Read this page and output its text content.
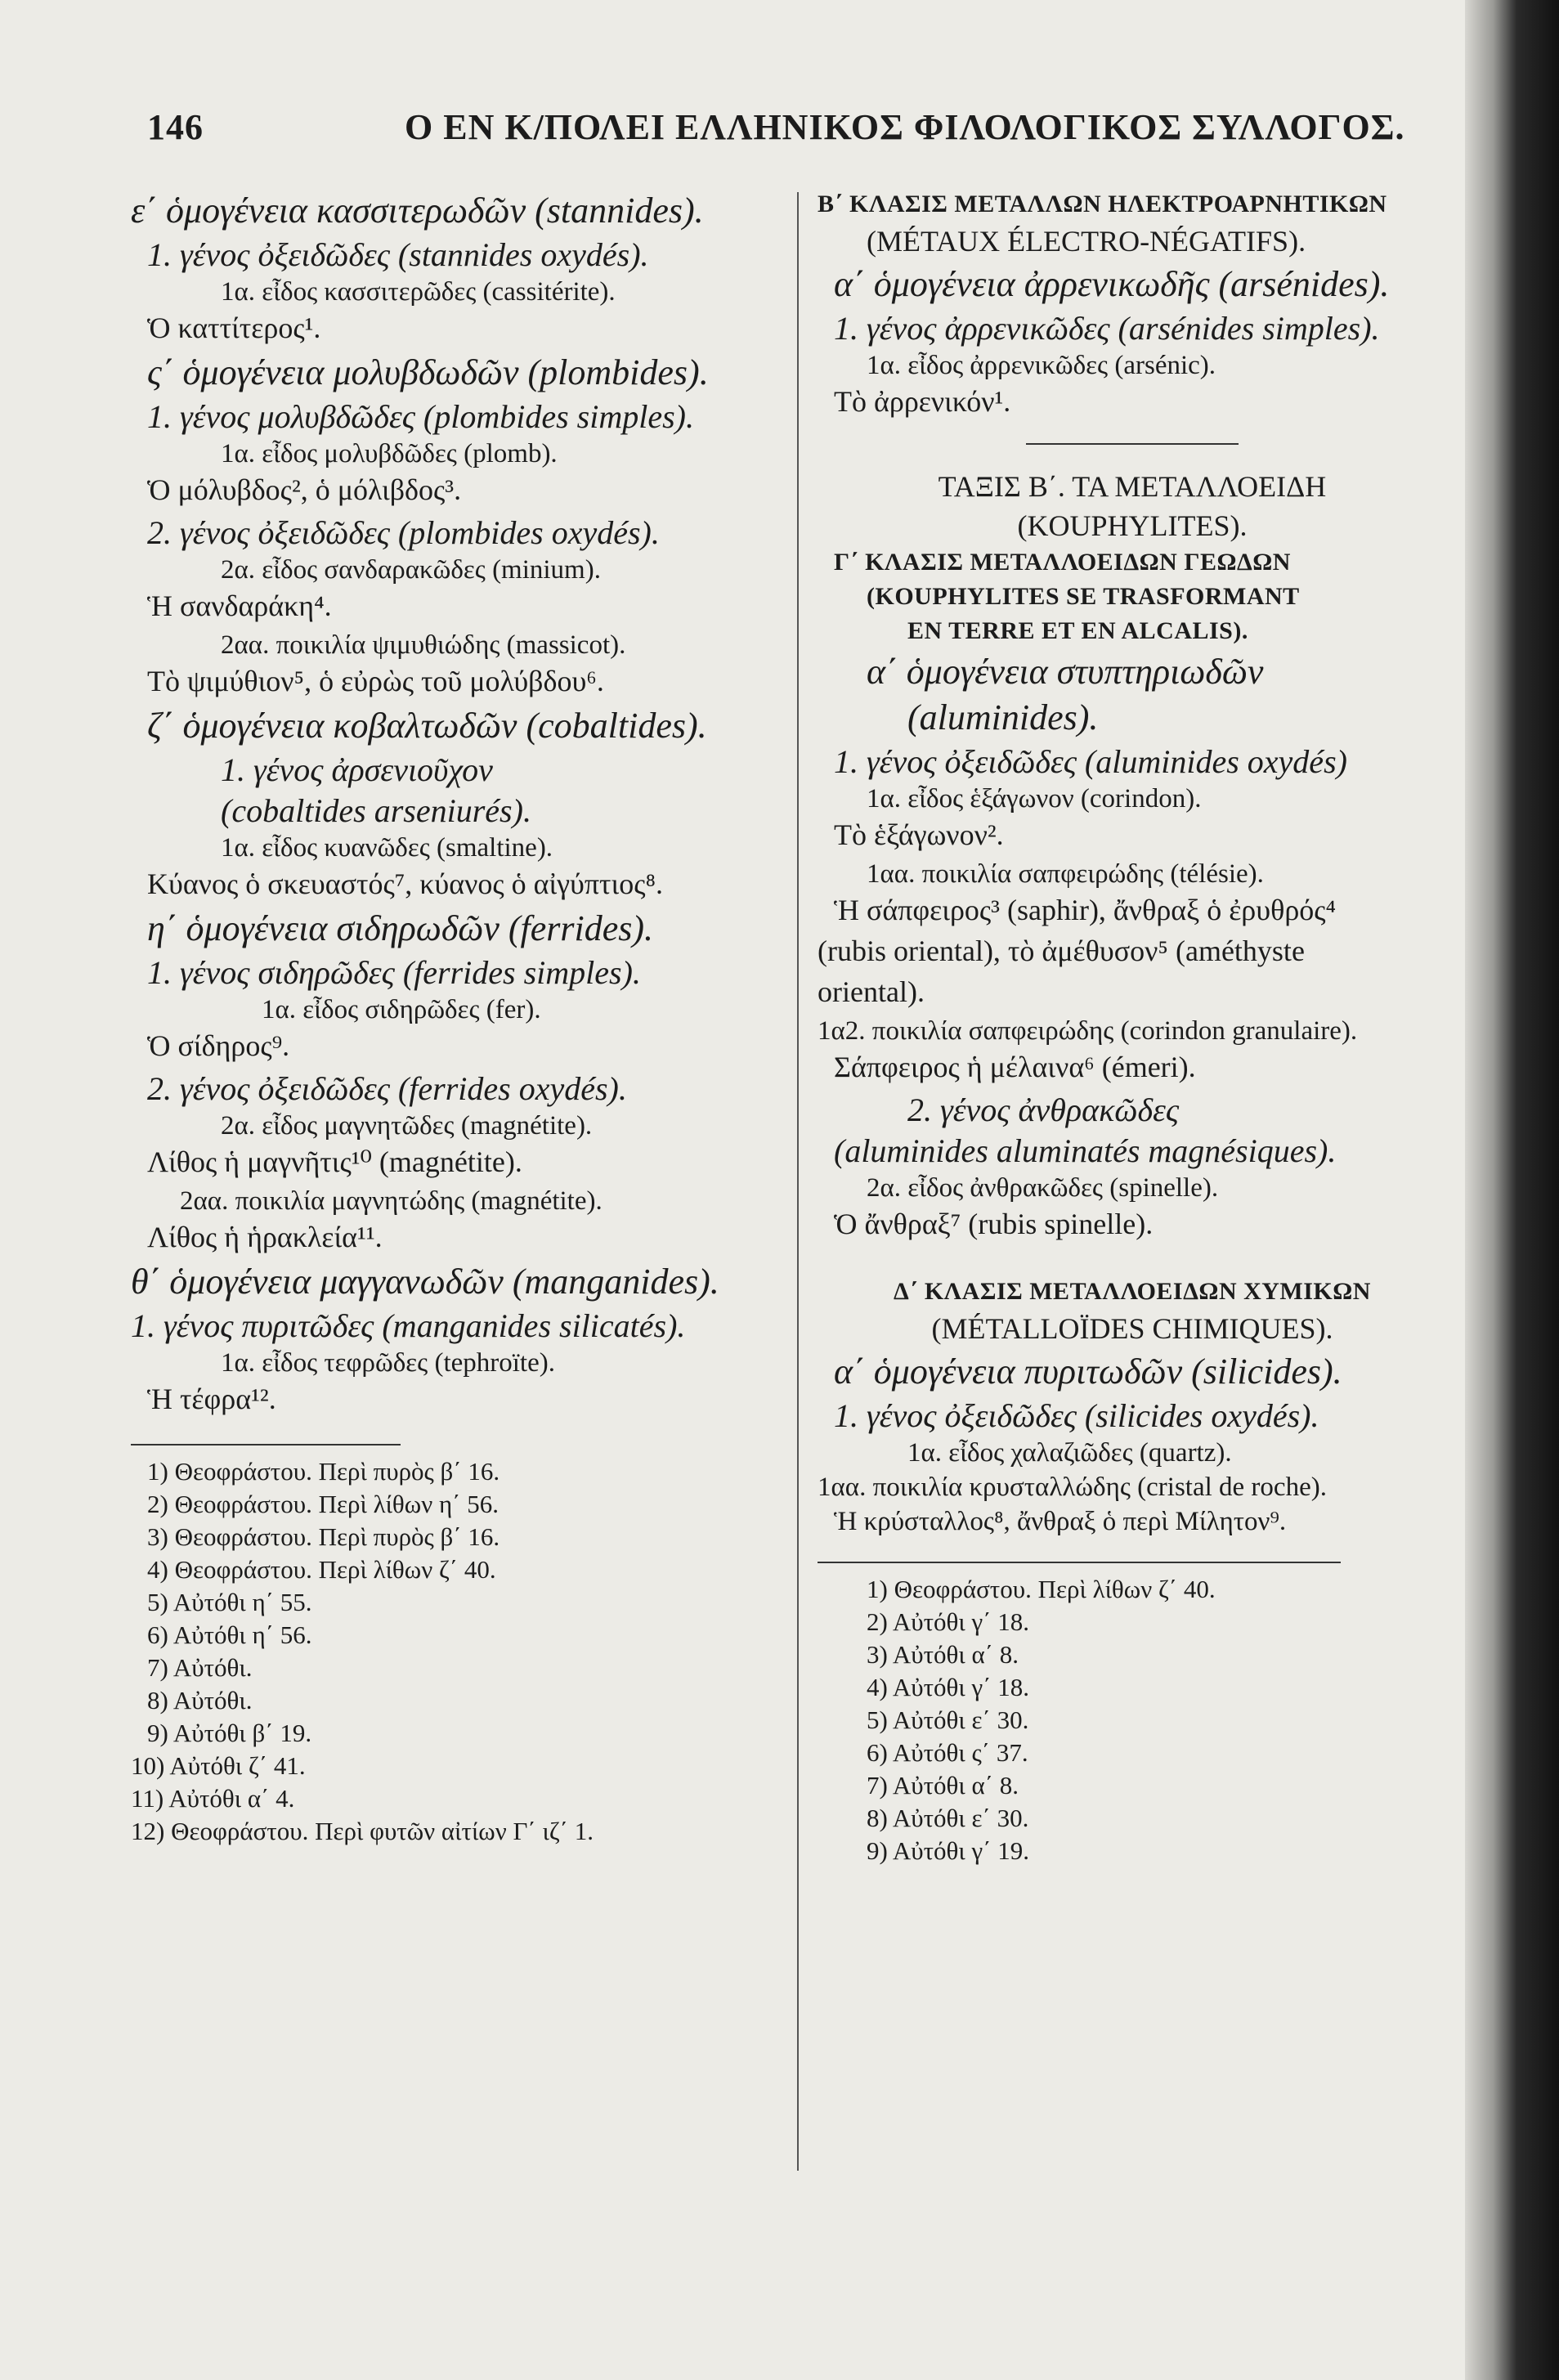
146	Ο ΕΝ Κ/ΠΟΛΕΙ ΕΛΛΗΝΙΚΟΣ ΦΙΛΟΛΟΓΙΚΟΣ ΣΥΛΛΟΓΟΣ.
ε΄ ὁμογένεια κασσιτερωδῶν (stannides).
1. γένος ὀξειδῶδες (stannides oxydés).
1α. εἶδος κασσιτερῶδες (cassitérite).
Ὁ καττίτερος¹.
ς΄ ὁμογένεια μολυβδωδῶν (plombides).
1. γένος μολυβδῶδες (plombides simples).
1α. εἶδος μολυβδῶδες (plomb).
Ὁ μόλυβδος², ὁ μόλιβδος³.
2. γένος ὀξειδῶδες (plombides oxydés).
2α. εἶδος σανδαρακῶδες (minium).
Ἡ σανδαράκη⁴.
2αα. ποικιλία ψιμυθιώδης (massicot).
Τὸ ψιμύθιον⁵, ὁ εὐρὼς τοῦ μολύβδου⁶.
ζ΄ ὁμογένεια κοβαλτωδῶν (cobaltides).
1. γένος ἀρσενιοῦχον
(cobaltides arseniurés).
1α. εἶδος κυανῶδες (smaltine).
Κύανος ὁ σκευαστός⁷, κύανος ὁ αἰγύπτιος⁸.
η΄ ὁμογένεια σιδηρωδῶν (ferrides).
1. γένος σιδηρῶδες (ferrides simples).
1α. εἶδος σιδηρῶδες (fer).
Ὁ σίδηρος⁹.
2. γένος ὀξειδῶδες (ferrides oxydés).
2α. εἶδος μαγνητῶδες (magnétite).
Λίθος ἡ μαγνῆτις¹⁰ (magnétite).
2αα. ποικιλία μαγνητώδης (magnétite).
Λίθος ἡ ἡρακλεία¹¹.
θ΄ ὁμογένεια μαγγανωδῶν (manganides).
1. γένος πυριτῶδες (manganides silicatés).
1α. εἶδος τεφρῶδες (tephroïte).
Ἡ τέφρα¹².
1) Θεοφράστου. Περὶ πυρὸς β΄ 16.
2) Θεοφράστου. Περὶ λίθων η΄ 56.
3) Θεοφράστου. Περὶ πυρὸς β΄ 16.
4) Θεοφράστου. Περὶ λίθων ζ΄ 40.
5) Αὐτόθι η΄ 55.
6) Αὐτόθι η΄ 56.
7) Αὐτόθι.
8) Αὐτόθι.
9) Αὐτόθι β΄ 19.
10) Αὐτόθι ζ΄ 41.
11) Αὐτόθι α΄ 4.
12) Θεοφράστου. Περὶ φυτῶν αἰτίων Γ΄ ιζ΄ 1.
Β΄ ΚΛΑΣΙΣ ΜΕΤΑΛΛΩΝ ΗΛΕΚΤΡΟΑΡΝΗΤΙΚΩΝ
(MÉTAUX ÉLECTRO-NÉGATIFS).
α΄ ὁμογένεια ἀρρενικωδῆς (arsénides).
1. γένος ἀρρενικῶδες (arsénides simples).
1α. εἶδος ἀρρενικῶδες (arsénic).
Τὸ ἀρρενικόν¹.
ΤΑΞΙΣ Β΄. ΤΑ ΜΕΤΑΛΛΟΕΙΔΗ
(KOUPHYLITES).
Γ΄ ΚΛΑΣΙΣ ΜΕΤΑΛΛΟΕΙΔΩΝ ΓΕΩΔΩΝ
(KOUPHYLITES SE TRASFORMANT
EN TERRE ET EN ALCALIS).
α΄ ὁμογένεια στυπτηριωδῶν
(aluminides).
1. γένος ὀξειδῶδες (aluminides oxydés)
1α. εἶδος ἑξάγωνον (corindon).
Τὸ ἑξάγωνον².
1αα. ποικιλία σαπφειρώδης (télésie).
Ἡ σάπφειρος³ (saphir), ἄνθραξ ὁ ἐρυθρός⁴
(rubis oriental), τὸ ἀμέθυσον⁵ (améthyste
oriental).
1α2. ποικιλία σαπφειρώδης (corindon granulaire).
Σάπφειρος ἡ μέλαινα⁶ (émeri).
2. γένος ἀνθρακῶδες
(aluminides aluminatés magnésiques).
2α. εἶδος ἀνθρακῶδες (spinelle).
Ὁ ἄνθραξ⁷ (rubis spinelle).
Δ΄ ΚΛΑΣΙΣ ΜΕΤΑΛΛΟΕΙΔΩΝ ΧΥΜΙΚΩΝ
(MÉTALLOÏDES CHIMIQUES).
α΄ ὁμογένεια πυριτωδῶν (silicides).
1. γένος ὀξειδῶδες (silicides oxydés).
1α. εἶδος χαλαζιῶδες (quartz).
1αα. ποικιλία κρυσταλλώδης (cristal de roche).
Ἡ κρύσταλλος⁸, ἄνθραξ ὁ περὶ Μίλητον⁹.
1) Θεοφράστου. Περὶ λίθων ζ΄ 40.
2) Αὐτόθι γ΄ 18.
3) Αὐτόθι α΄ 8.
4) Αὐτόθι γ΄ 18.
5) Αὐτόθι ε΄ 30.
6) Αὐτόθι ς΄ 37.
7) Αὐτόθι α΄ 8.
8) Αὐτόθι ε΄ 30.
9) Αὐτόθι γ΄ 19.
